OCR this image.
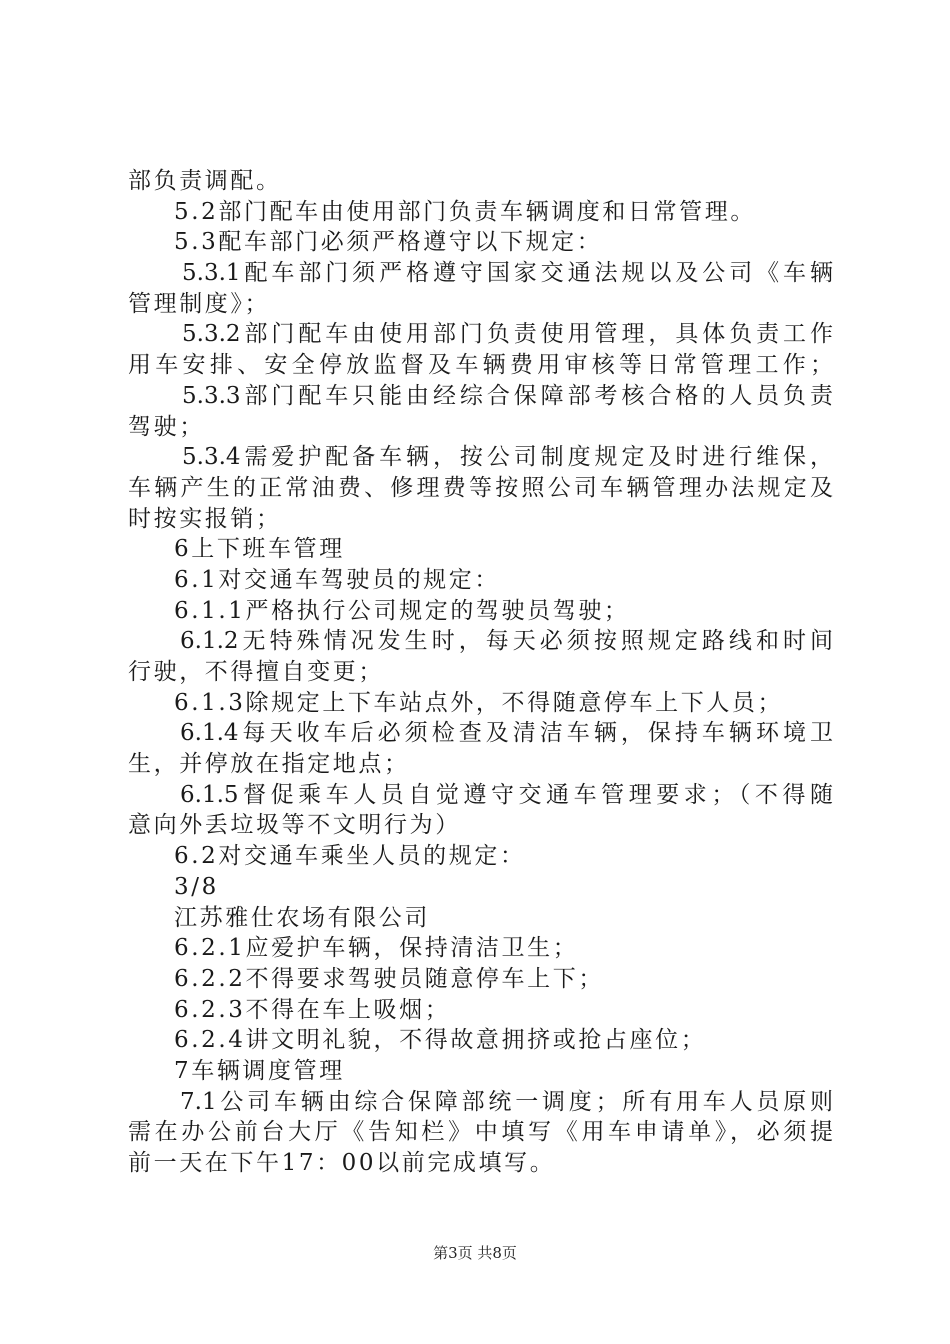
部负责调配。
5.2部门配车由使用部门负责车辆调度和日常管理。
5.3配车部门必须严格遵守以下规定：
5.3.1配车部门须严格遵守国家交通法规以及公司《车辆
管理制度》；
5.3.2部门配车由使用部门负责使用管理，具体负责工作
用车安排、安全停放监督及车辆费用审核等日常管理工作；
5.3.3部门配车只能由经综合保障部考核合格的人员负责
驾驶；
5.3.4需爱护配备车辆，按公司制度规定及时进行维保，
车辆产生的正常油费、修理费等按照公司车辆管理办法规定及
时按实报销；
6上下班车管理
6.1对交通车驾驶员的规定：
6.1.1严格执行公司规定的驾驶员驾驶；
6.1.2无特殊情况发生时，每天必须按照规定路线和时间
行驶，不得擅自变更；
6.1.3除规定上下车站点外，不得随意停车上下人员；
6.1.4每天收车后必须检查及清洁车辆，保持车辆环境卫
生，并停放在指定地点；
6.1.5督促乘车人员自觉遵守交通车管理要求；（不得随
意向外丢垃圾等不文明行为）
6.2对交通车乘坐人员的规定：
3/8
江苏雅仕农场有限公司
6.2.1应爱护车辆，保持清洁卫生；
6.2.2不得要求驾驶员随意停车上下；
6.2.3不得在车上吸烟；
6.2.4讲文明礼貌，不得故意拥挤或抢占座位；
7车辆调度管理
7.1公司车辆由综合保障部统一调度；所有用车人员原则
需在办公前台大厅《告知栏》中填写《用车申请单》，必须提
前一天在下午17：00以前完成填写。
第3页 共8页
